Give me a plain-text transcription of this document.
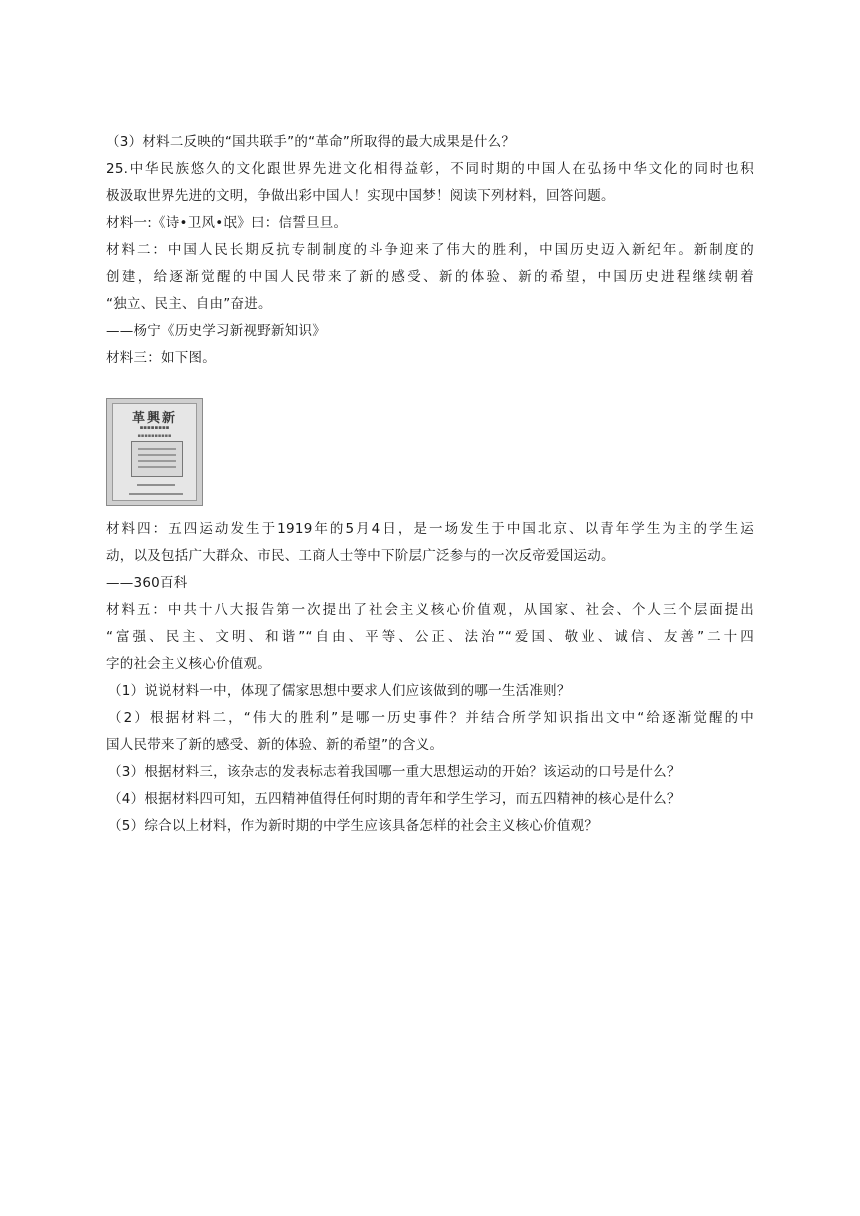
（3）材料二反映的“国共联手”的“革命”所取得的最大成果是什么？
25.中华民族悠久的文化跟世界先进文化相得益彰，不同时期的中国人在弘扬中华文化的同时也积
极汲取世界先进的文明，争做出彩中国人！实现中国梦！阅读下列材料，回答问题。
材料一:《诗•卫风•氓》曰：信誓旦旦。
材料二：中国人民长期反抗专制制度的斗争迎来了伟大的胜利，中国历史迈入新纪年。新制度的
创建，给逐渐觉醒的中国人民带来了新的感受、新的体验、新的希望，中国历史进程继续朝着
“独立、民主、自由”奋进。
——杨宁《历史学习新视野新知识》
材料三：如下图。
革興新
▪▪▪▪▪▪▪▪
▪▪▪▪▪▪▪▪▪▪
材料四：五四运动发生于1919年的5月4日，是一场发生于中国北京、以青年学生为主的学生运
动，以及包括广大群众、市民、工商人士等中下阶层广泛参与的一次反帝爱国运动。
——360百科
材料五：中共十八大报告第一次提出了社会主义核心价值观，从国家、社会、个人三个层面提出
“富强、民主、文明、和谐”“自由、平等、公正、法治”“爱国、敬业、诚信、友善”二十四
字的社会主义核心价值观。
（1）说说材料一中，体现了儒家思想中要求人们应该做到的哪一生活准则？
（2）根据材料二，“伟大的胜利”是哪一历史事件？并结合所学知识指出文中“给逐渐觉醒的中
国人民带来了新的感受、新的体验、新的希望”的含义。
（3）根据材料三，该杂志的发表标志着我国哪一重大思想运动的开始？该运动的口号是什么？
（4）根据材料四可知，五四精神值得任何时期的青年和学生学习，而五四精神的核心是什么？
（5）综合以上材料，作为新时期的中学生应该具备怎样的社会主义核心价值观？
